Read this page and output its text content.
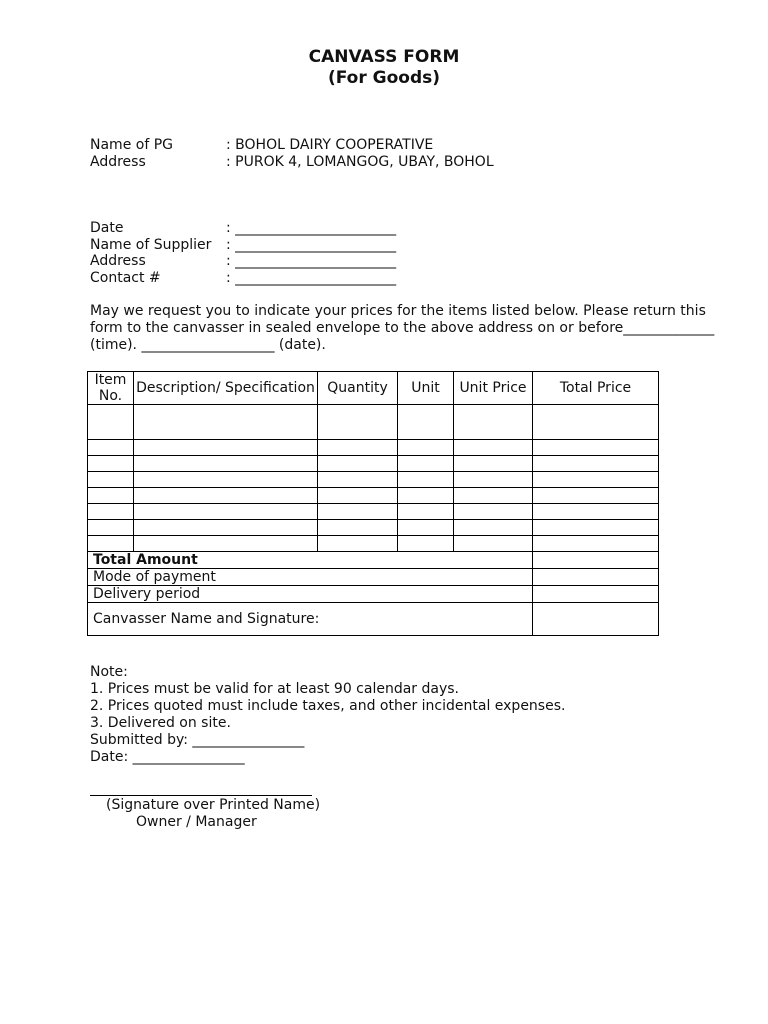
CANVASS FORM
(For Goods)
Name of PG	: BOHOL DAIRY COOPERATIVE
Address	: PUROK 4, LOMANGOG, UBAY, BOHOL
Date	: _______________________
Name of Supplier : _______________________
Address	: _______________________
Contact #	: _______________________
May we request you to indicate your prices for the items listed below. Please return this
form to the canvasser in sealed envelope to the above address on or before_____________
(time). ___________________ (date).
Item No.	Description/ Specification	Quantity	Unit	Unit Price	Total Price

Total Amount					
Mode of payment					
Delivery period					
Canvasser Name and Signature:					
Note:
1. Prices must be valid for at least 90 calendar days.
2. Prices quoted must include taxes, and other incidental expenses.
3. Delivered on site.
Submitted by: ________________
Date: ________________
(Signature over Printed Name)
Owner / Manager
